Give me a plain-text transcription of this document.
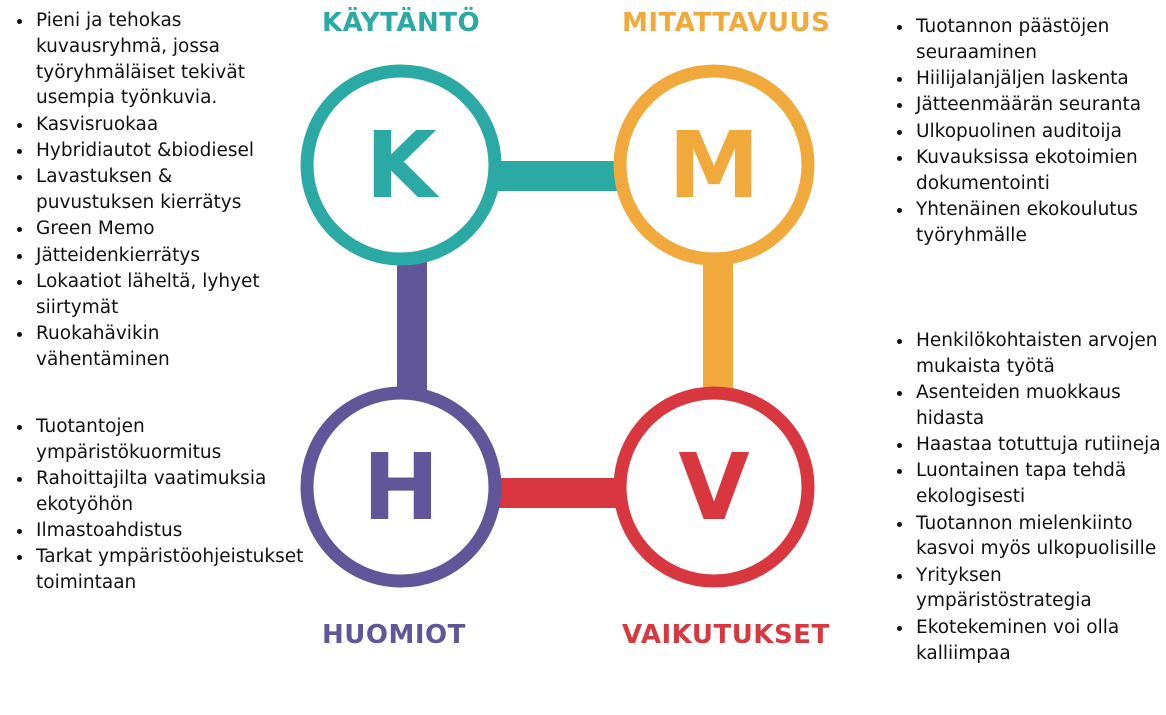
K	M
H	V
KÄYTÄNTÖ	MITATTAVUUS
HUOMIOT	VAIKUTUKSET
• Pieni ja tehokas kuvausryhmä, jossa työryhmäläiset tekivät usempia työnkuvia.
• Kasvisruokaa
• Hybridiautot &biodiesel
• Lavastuksen & puvustuksen kierrätys
• Green Memo
• Jätteidenkierrätys
• Lokaatiot läheltä, lyhyet siirtymät
• Ruokahävikin vähentäminen
• Tuotannon päästöjen seuraaminen
• Hiilijalanjäljen laskenta
• Jätteenmäärän seuranta
• Ulkopuolinen auditoija
• Kuvauksissa ekotoimien dokumentointi
• Yhtenäinen ekokoulutus työryhmälle
• Tuotantojen ympäristökuormitus
• Rahoittajilta vaatimuksia ekotyöhön
• Ilmastoahdistus
• Tarkat ympäristöohjeistukset toimintaan
• Henkilökohtaisten arvojen mukaista työtä
• Asenteiden muokkaus hidasta
• Haastaa totuttuja rutiineja
• Luontainen tapa tehdä ekologisesti
• Tuotannon mielenkiinto kasvoi myös ulkopuolisille
• Yrityksen ympäristöstrategia
• Ekotekeminen voi olla kalliimpaa
